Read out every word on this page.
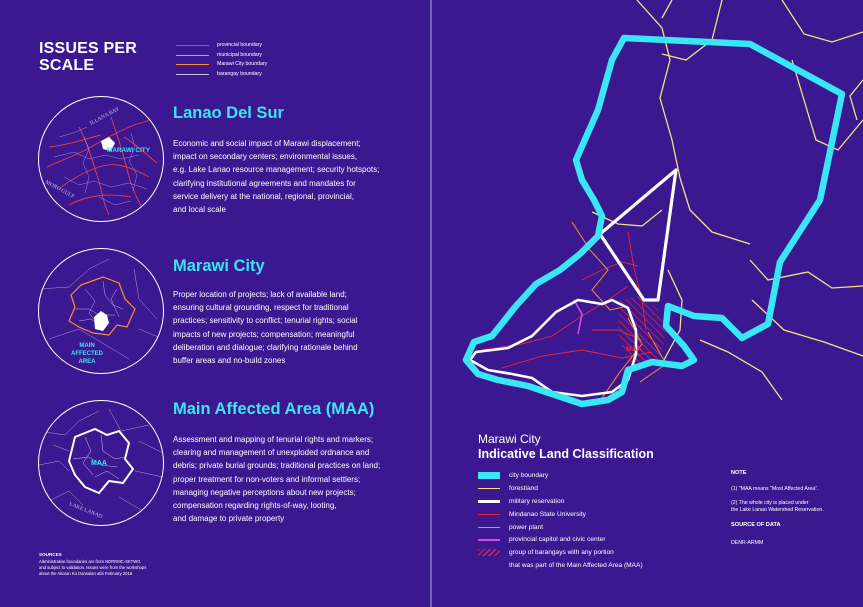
ISSUES PER
SCALE
provincial boundary
municipal boundary
Marawi City boundary
barangay boundary
ILLANA BAY
MORO GULF
MARAWI CITY
Lanao Del Sur
Economic and social impact of Marawi displacement;
impact on secondary centers; environmental issues,
e.g. Lake Lanao resource management; security hotspots;
clarifying institutional agreements and mandates for
service delivery at the national, regional, provincial,
and local scale
MAIN
AFFECTED
AREA
Marawi City
Proper location of projects; lack of available land;
ensuring cultural grounding, respect for traditional
practices; sensitivity to conflict; tenurial rights; social
impacts of new projects; compensation; meaningful
deliberation and dialogue; clarifying rationale behind
buffer areas and no-build zones
MAA
LAKE LANAO
Main Affected Area (MAA)
Assessment and mapping of tenurial rights and markers;
clearing and management of unexploded ordnance and
debris; private burial grounds; traditional practices on land;
proper treatment for non-voters and informal settlers;
managing negative perceptions about new projects;
compensation regarding rights-of-way, looting,
and damage to private property
SOURCES
Administrative boundaries are from NDRRMC-SKTWG
and subject to validation. Issues were from the workshops
about the Akoran Ko Dansalan atbi February 2018.
MAA
Marawi City
Indicative Land Classification
city boundary
forestland
military reservation
Mindanao State University
power plant
provincial capitol and civic center
group of barangays with any portion
that was part of the Main Affected Area (MAA)
NOTE

(1) "MAA means "Most Affected Area".

(2) The whole city is placed under
the Lake Lanao Watershed Reservation.

SOURCE OF DATA
DENR-ARMM
